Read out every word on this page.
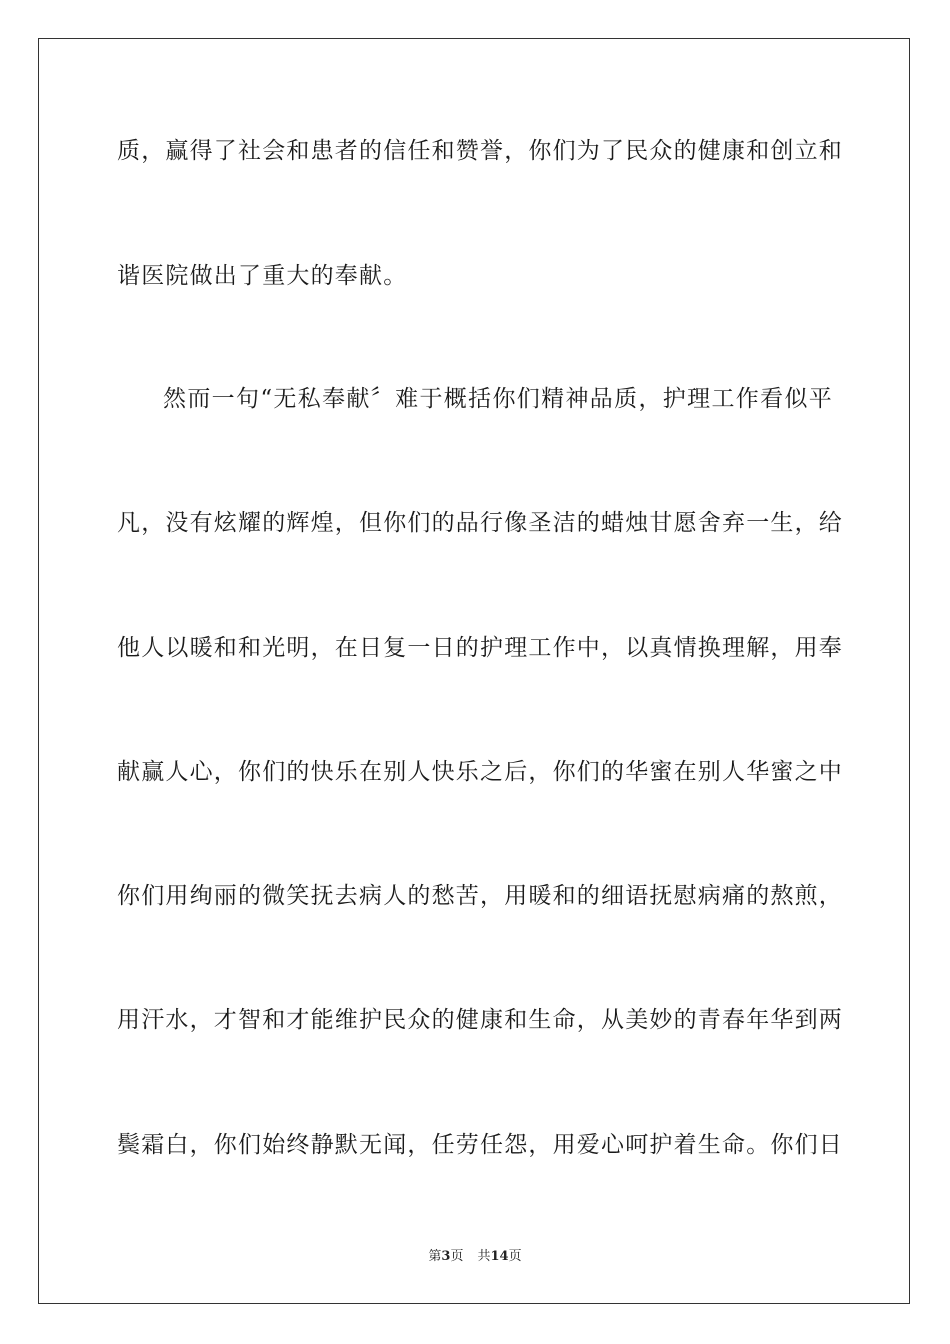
质，赢得了社会和患者的信任和赞誉，你们为了民众的健康和创立和
谐医院做出了重大的奉献。
然而一句“无私奉献〞难于概括你们精神品质，护理工作看似平
凡，没有炫耀的辉煌，但你们的品行像圣洁的蜡烛甘愿舍弃一生，给
他人以暖和和光明，在日复一日的护理工作中，以真情换理解，用奉
献赢人心，你们的快乐在别人快乐之后，你们的华蜜在别人华蜜之中
你们用绚丽的微笑抚去病人的愁苦，用暖和的细语抚慰病痛的熬煎，
用汗水，才智和才能维护民众的健康和生命，从美妙的青春年华到两
鬓霜白，你们始终静默无闻，任劳任怨，用爱心呵护着生命。你们日
第3页 共14页
